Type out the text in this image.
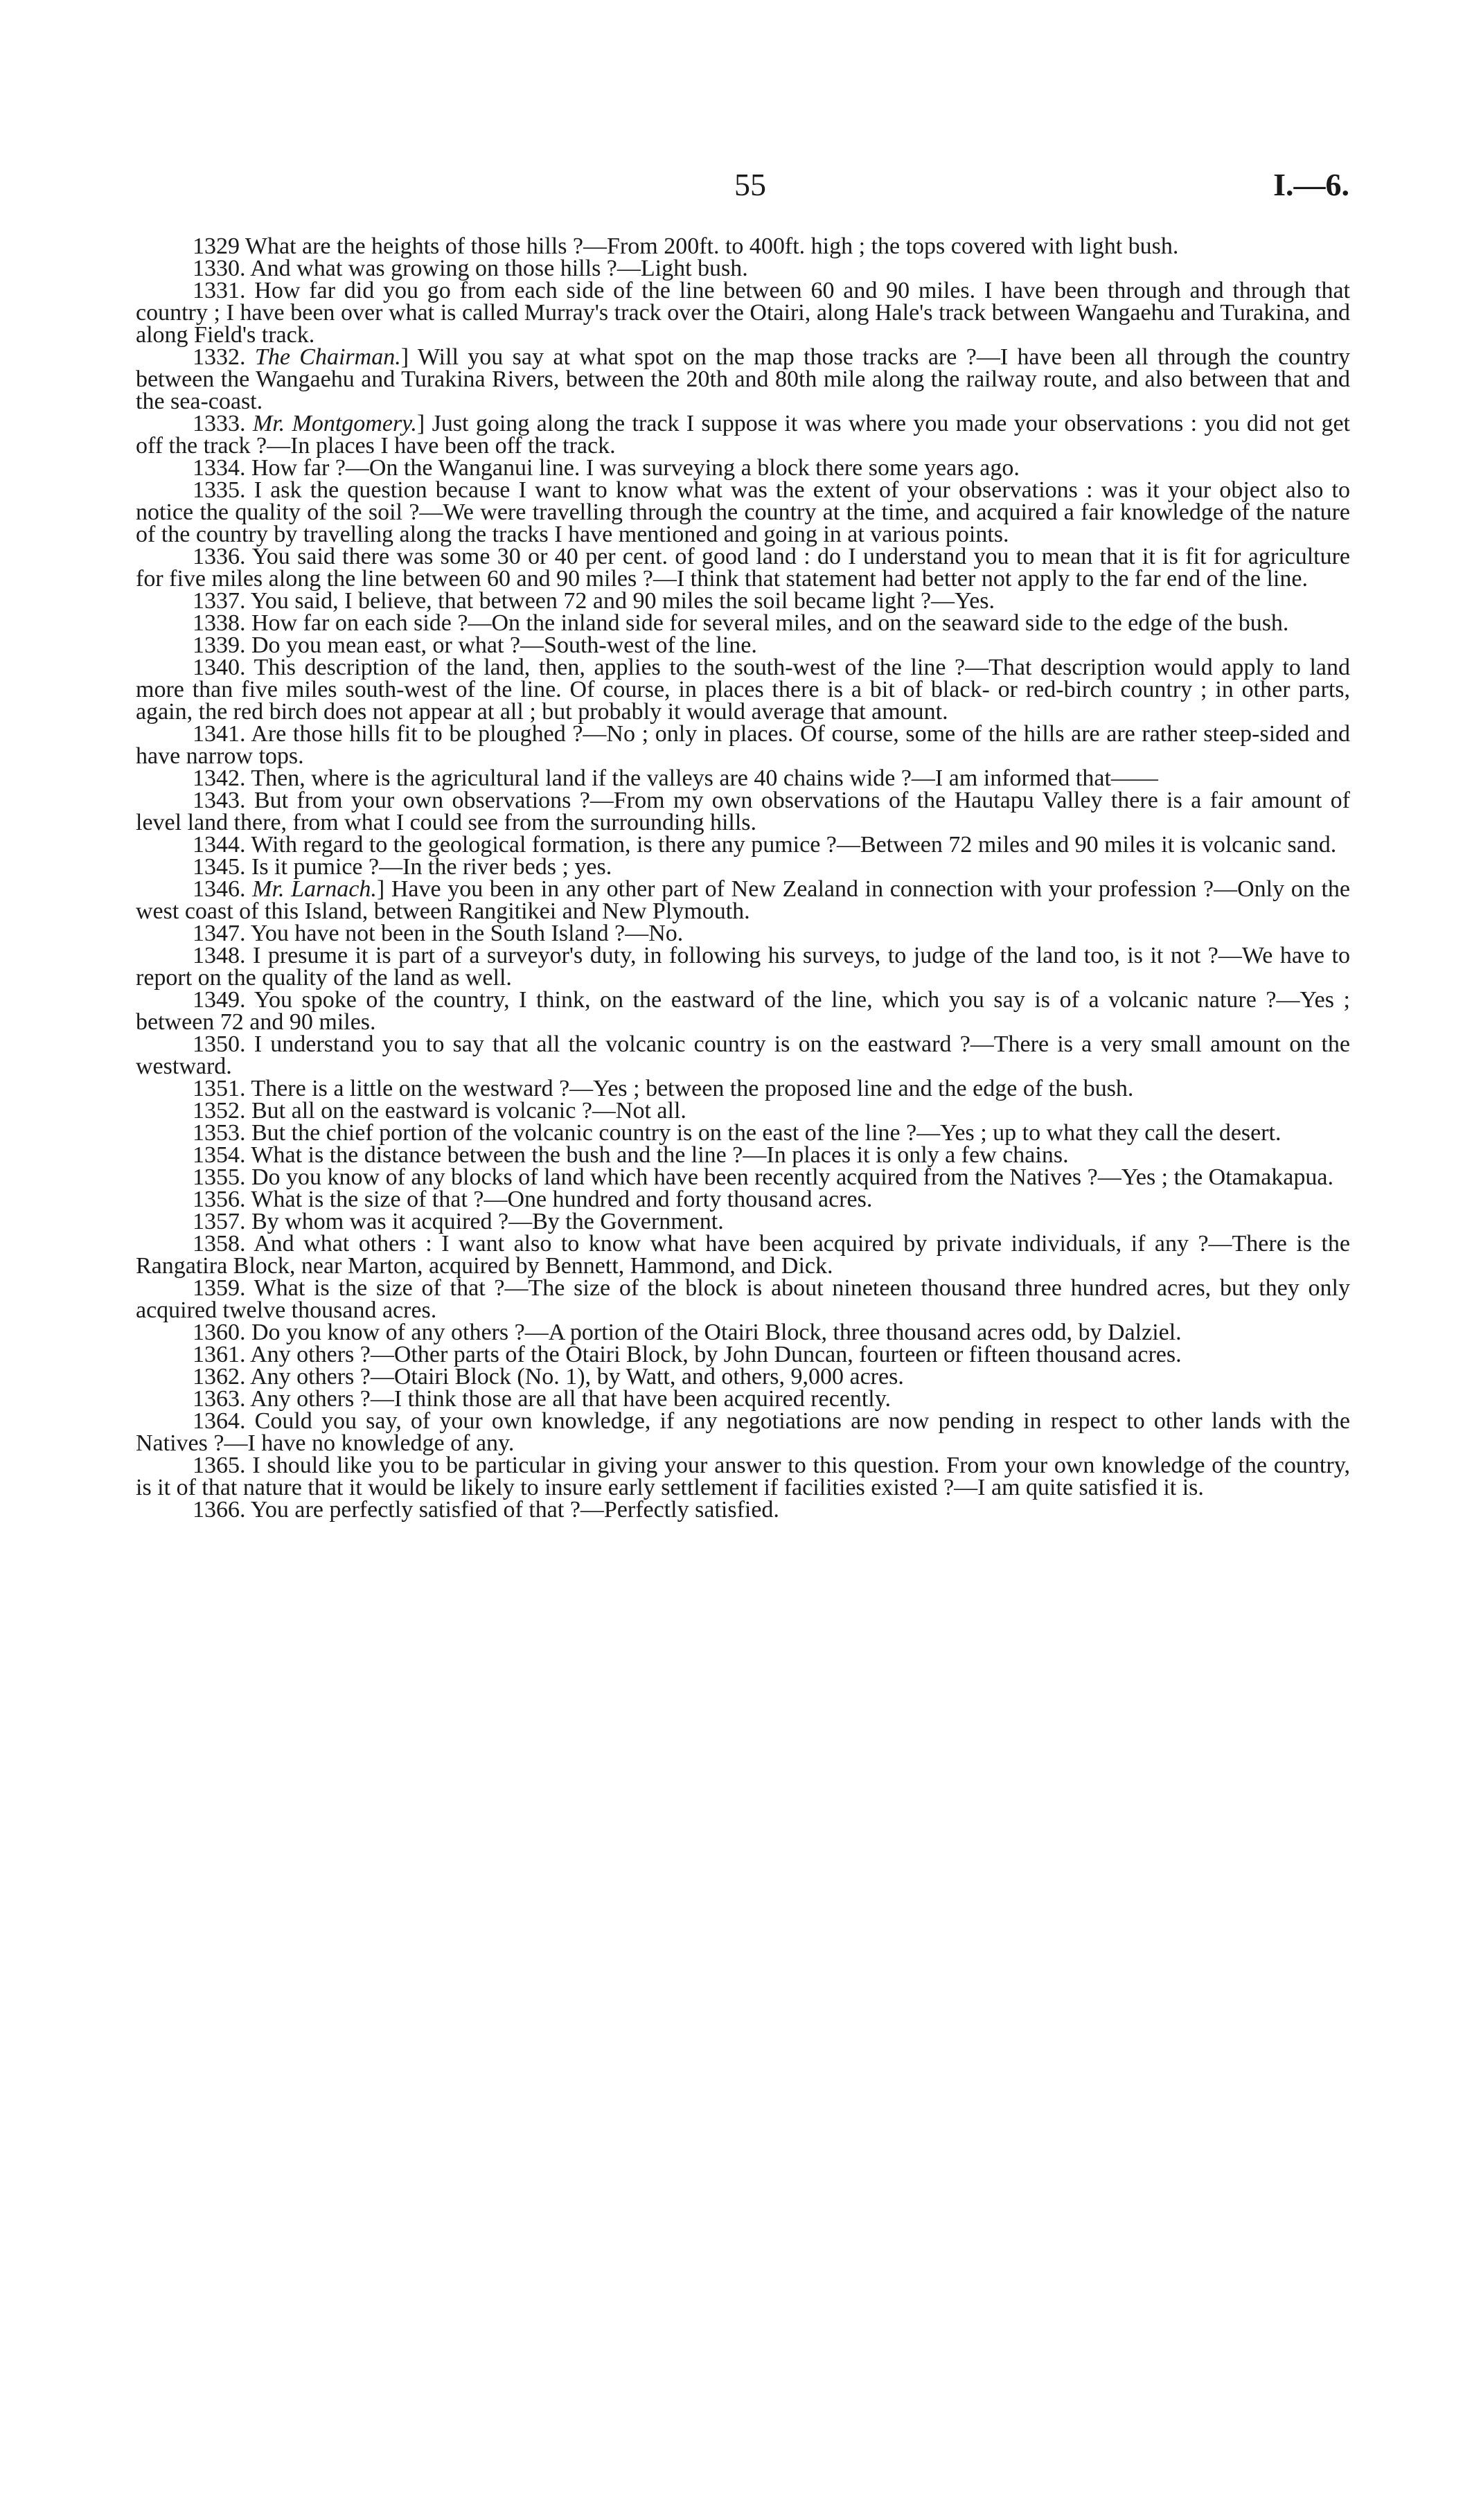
55	I.—6.

1329 What are the heights of those hills ?—From 200ft. to 400ft. high ; the tops covered with light bush.

1330. And what was growing on those hills ?—Light bush.

1331. How far did you go from each side of the line between 60 and 90 miles. I have been through and through that country ; I have been over what is called Murray's track over the Otairi, along Hale's track between Wangaehu and Turakina, and along Field's track.

1332. The Chairman.] Will you say at what spot on the map those tracks are ?—I have been all through the country between the Wangaehu and Turakina Rivers, between the 20th and 80th mile along the railway route, and also between that and the sea-coast.

1333. Mr. Montgomery.] Just going along the track I suppose it was where you made your observations : you did not get off the track ?—In places I have been off the track.

1334. How far ?—On the Wanganui line. I was surveying a block there some years ago.

1335. I ask the question because I want to know what was the extent of your observations : was it your object also to notice the quality of the soil ?—We were travelling through the country at the time, and acquired a fair knowledge of the nature of the country by travelling along the tracks I have mentioned and going in at various points.

1336. You said there was some 30 or 40 per cent. of good land : do I understand you to mean that it is fit for agriculture for five miles along the line between 60 and 90 miles ?—I think that statement had better not apply to the far end of the line.

1337. You said, I believe, that between 72 and 90 miles the soil became light ?—Yes.

1338. How far on each side ?—On the inland side for several miles, and on the seaward side to the edge of the bush.

1339. Do you mean east, or what ?—South-west of the line.

1340. This description of the land, then, applies to the south-west of the line ?—That description would apply to land more than five miles south-west of the line. Of course, in places there is a bit of black- or red-birch country ; in other parts, again, the red birch does not appear at all ; but probably it would average that amount.

1341. Are those hills fit to be ploughed ?—No ; only in places. Of course, some of the hills are are rather steep-sided and have narrow tops.

1342. Then, where is the agricultural land if the valleys are 40 chains wide ?—I am informed that——

1343. But from your own observations ?—From my own observations of the Hautapu Valley there is a fair amount of level land there, from what I could see from the surrounding hills.

1344. With regard to the geological formation, is there any pumice ?—Between 72 miles and 90 miles it is volcanic sand.

1345. Is it pumice ?—In the river beds ; yes.

1346. Mr. Larnach.] Have you been in any other part of New Zealand in connection with your profession ?—Only on the west coast of this Island, between Rangitikei and New Plymouth.

1347. You have not been in the South Island ?—No.

1348. I presume it is part of a surveyor's duty, in following his surveys, to judge of the land too, is it not ?—We have to report on the quality of the land as well.

1349. You spoke of the country, I think, on the eastward of the line, which you say is of a volcanic nature ?—Yes ; between 72 and 90 miles.

1350. I understand you to say that all the volcanic country is on the eastward ?—There is a very small amount on the westward.

1351. There is a little on the westward ?—Yes ; between the proposed line and the edge of the bush.

1352. But all on the eastward is volcanic ?—Not all.

1353. But the chief portion of the volcanic country is on the east of the line ?—Yes ; up to what they call the desert.

1354. What is the distance between the bush and the line ?—In places it is only a few chains.

1355. Do you know of any blocks of land which have been recently acquired from the Natives ?—Yes ; the Otamakapua.

1356. What is the size of that ?—One hundred and forty thousand acres.

1357. By whom was it acquired ?—By the Government.

1358. And what others : I want also to know what have been acquired by private individuals, if any ?—There is the Rangatira Block, near Marton, acquired by Bennett, Hammond, and Dick.

1359. What is the size of that ?—The size of the block is about nineteen thousand three hundred acres, but they only acquired twelve thousand acres.

1360. Do you know of any others ?—A portion of the Otairi Block, three thousand acres odd, by Dalziel.

1361. Any others ?—Other parts of the Otairi Block, by John Duncan, fourteen or fifteen thousand acres.

1362. Any others ?—Otairi Block (No. 1), by Watt, and others, 9,000 acres.

1363. Any others ?—I think those are all that have been acquired recently.

1364. Could you say, of your own knowledge, if any negotiations are now pending in respect to other lands with the Natives ?—I have no knowledge of any.

1365. I should like you to be particular in giving your answer to this question. From your own knowledge of the country, is it of that nature that it would be likely to insure early settlement if facilities existed ?—I am quite satisfied it is.

1366. You are perfectly satisfied of that ?—Perfectly satisfied.
